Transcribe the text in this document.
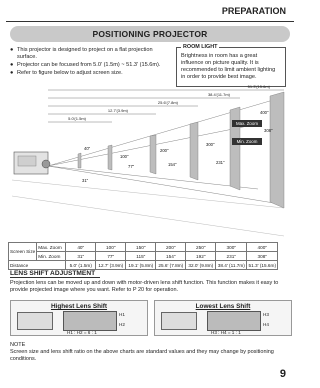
PREPARATION
POSITIONING PROJECTOR
● This projector is designed to project on a flat projection surface.
● Projector can be focused from 5.0' (1.5m) ~ 51.3' (15.6m).
● Refer to figure below to adjust screen size.
ROOM LIGHT
Brightness in room has a great influence on picture quality. It is recommended to limit ambient lighting in order to provide best image.
51.3'(15.6m)
38.4'(11.7m)
25.6'(7.8m)
12.7'(3.9m)
5.0'(1.5m)
Max. Zoom
Min. Zoom
400"
300"
200"
100"
308"
231"
154"
77"
31"
40"
Screen Size	Max. Zoom	40"	100"	150"	200"	250"	300"	400"
	Min. Zoom	31"	77"	115"	154"	192"	231"	308"
Distance		5.0' (1.5m)	12.7' (3.9m)	19.1' (5.8m)	25.6' (7.8m)	32.0' (9.8m)	38.4' (11.7m)	51.3' (15.6m)
LENS SHIFT ADJUSTMENT
Projection lens can be moved up and down with motor-driven lens shift function. This function makes it easy to provide projected image where you want. Refer to P 20 for operation.
Highest Lens Shift
H1
H2
H1 : H2 = 6 : 1
Lowest Lens Shift
H3
H4
H3 : H4 = 1 : 1
NOTE
Screen size and lens shift ratio on the above charts are standard values and they may change by positioning conditions.
9
